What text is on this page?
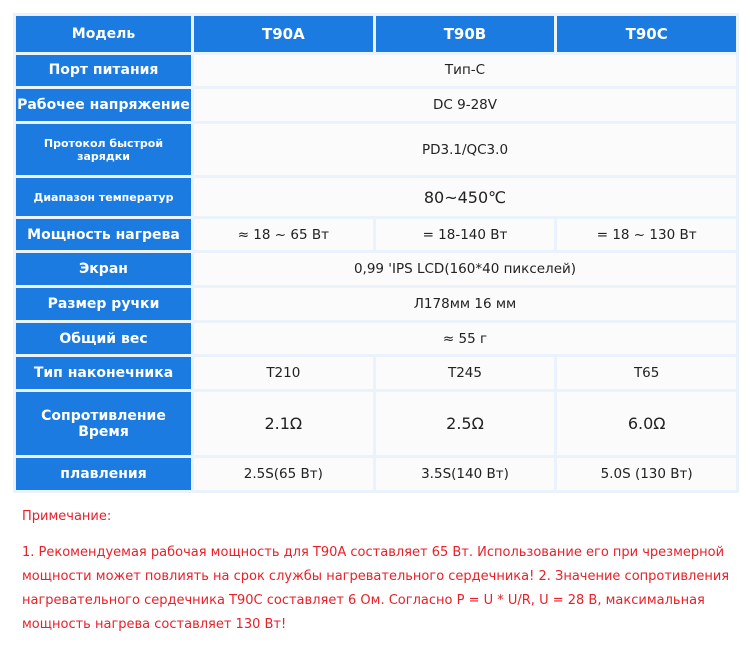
Модель	T90A	T90B	T90C
Порт питания	Тип-С		
Рабочее напряжение	DC 9-28V		
Протокол быстрой зарядки	PD3.1/QC3.0		
Диапазон температур	80~450℃		
Мощность нагрева	≈ 18 ~ 65 Вт	= 18-140 Вт	= 18 ~ 130 Вт
Экран	0,99 'IPS LCD(160*40 пикселей)		
Размер ручки	Л178мм 16 мм		
Общий вес	≈ 55 г		
Тип наконечника	T210	T245	T65
Сопротивление Время	2.1Ω	2.5Ω	6.0Ω
плавления	2.5S(65 Вт)	3.5S(140 Вт)	5.0S (130 Вт)
Примечание:
1. Рекомендуемая рабочая мощность для T90A составляет 65 Вт. Использование его при чрезмерной мощности может повлиять на срок службы нагревательного сердечника! 2. Значение сопротивления нагревательного сердечника T90C составляет 6 Ом. Согласно P = U * U/R, U = 28 В, максимальная мощность нагрева составляет 130 Вт!
